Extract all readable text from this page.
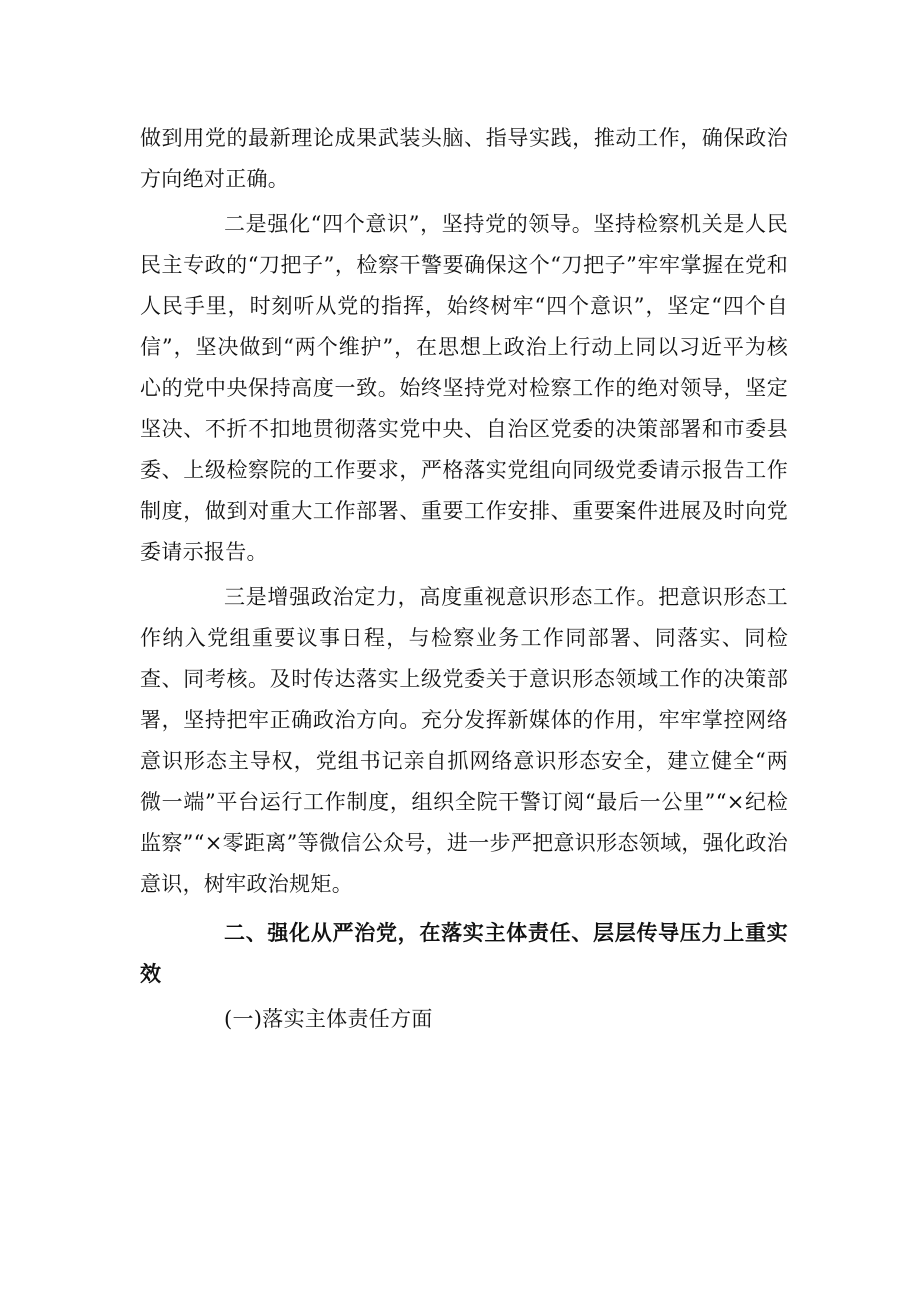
做到用党的最新理论成果武装头脑、指导实践，推动工作，确保政治方向绝对正确。

二是强化“四个意识”，坚持党的领导。坚持检察机关是人民民主专政的“刀把子”，检察干警要确保这个“刀把子”牢牢掌握在党和人民手里，时刻听从党的指挥，始终树牢“四个意识”，坚定“四个自信”，坚决做到“两个维护”，在思想上政治上行动上同以习近平为核心的党中央保持高度一致。始终坚持党对检察工作的绝对领导，坚定坚决、不折不扣地贯彻落实党中央、自治区党委的决策部署和市委县委、上级检察院的工作要求，严格落实党组向同级党委请示报告工作制度，做到对重大工作部署、重要工作安排、重要案件进展及时向党委请示报告。

三是增强政治定力，高度重视意识形态工作。把意识形态工作纳入党组重要议事日程，与检察业务工作同部署、同落实、同检查、同考核。及时传达落实上级党委关于意识形态领域工作的决策部署，坚持把牢正确政治方向。充分发挥新媒体的作用，牢牢掌控网络意识形态主导权，党组书记亲自抓网络意识形态安全，建立健全“两微一端”平台运行工作制度，组织全院干警订阅“最后一公里”“×纪检监察”“×零距离”等微信公众号，进一步严把意识形态领域，强化政治意识，树牢政治规矩。

二、强化从严治党，在落实主体责任、层层传导压力上重实效

(一)落实主体责任方面
